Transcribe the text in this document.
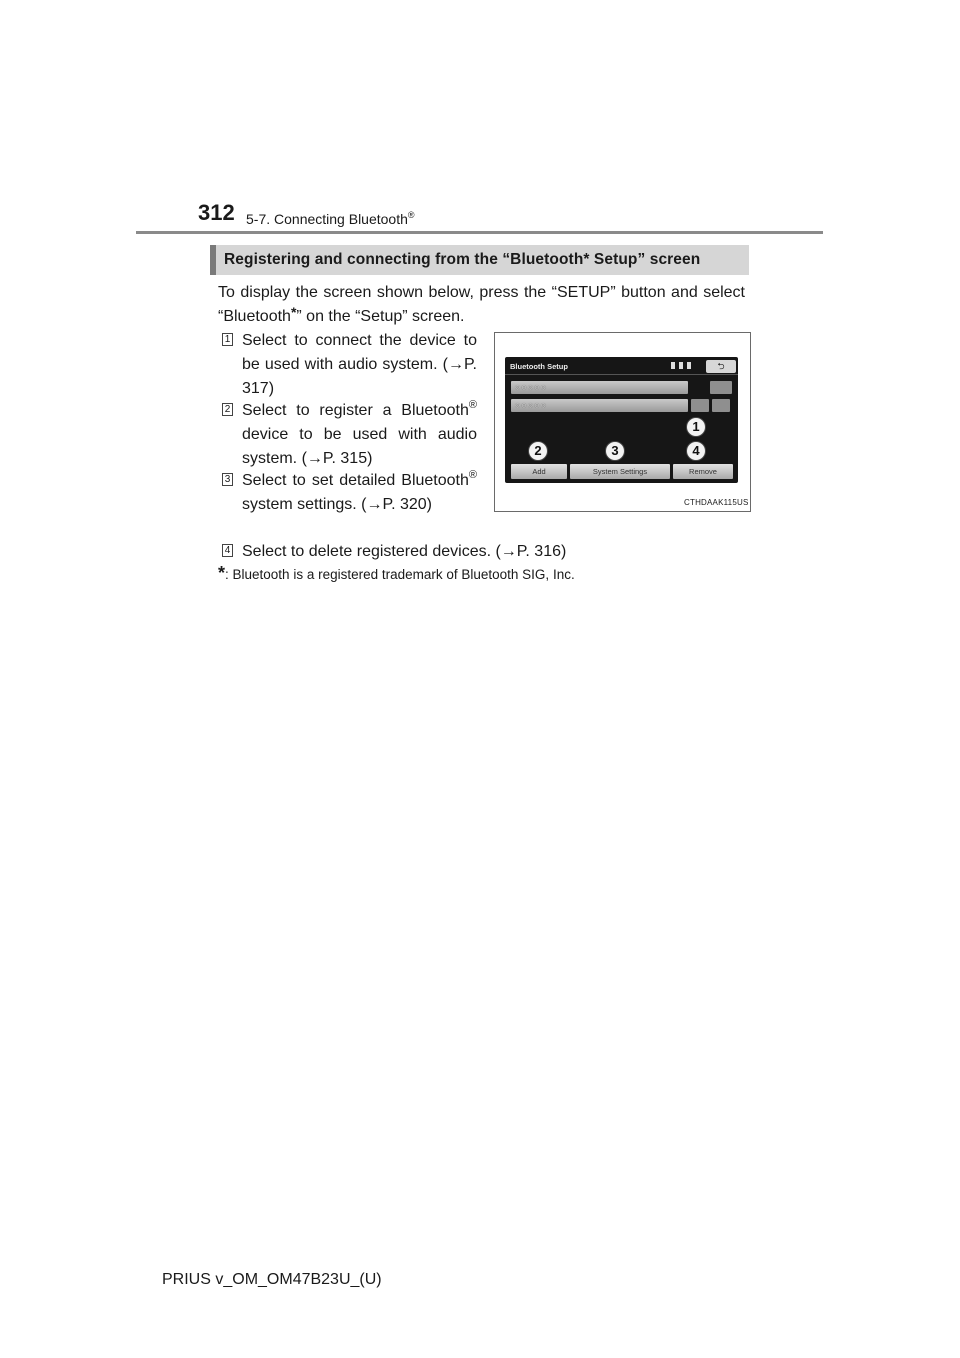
312 5-7. Connecting Bluetooth®
Registering and connecting from the “Bluetooth* Setup” screen
To display the screen shown below, press the “SETUP” button and select “Bluetooth*” on the “Setup” screen.
1 Select to connect the device to be used with audio system. (→P. 317)
2 Select to register a Bluetooth® device to be used with audio system. (→P. 315)
3 Select to set detailed Bluetooth® system settings. (→P. 320)
4 Select to delete registered devices. (→P. 316)
*: Bluetooth is a registered trademark of Bluetooth SIG, Inc.
Bluetooth Setup	⮌
○○○○○
○○○○○
1
2	3	4
Add	System Settings	Remove
CTHDAAK115US
PRIUS v_OM_OM47B23U_(U)
